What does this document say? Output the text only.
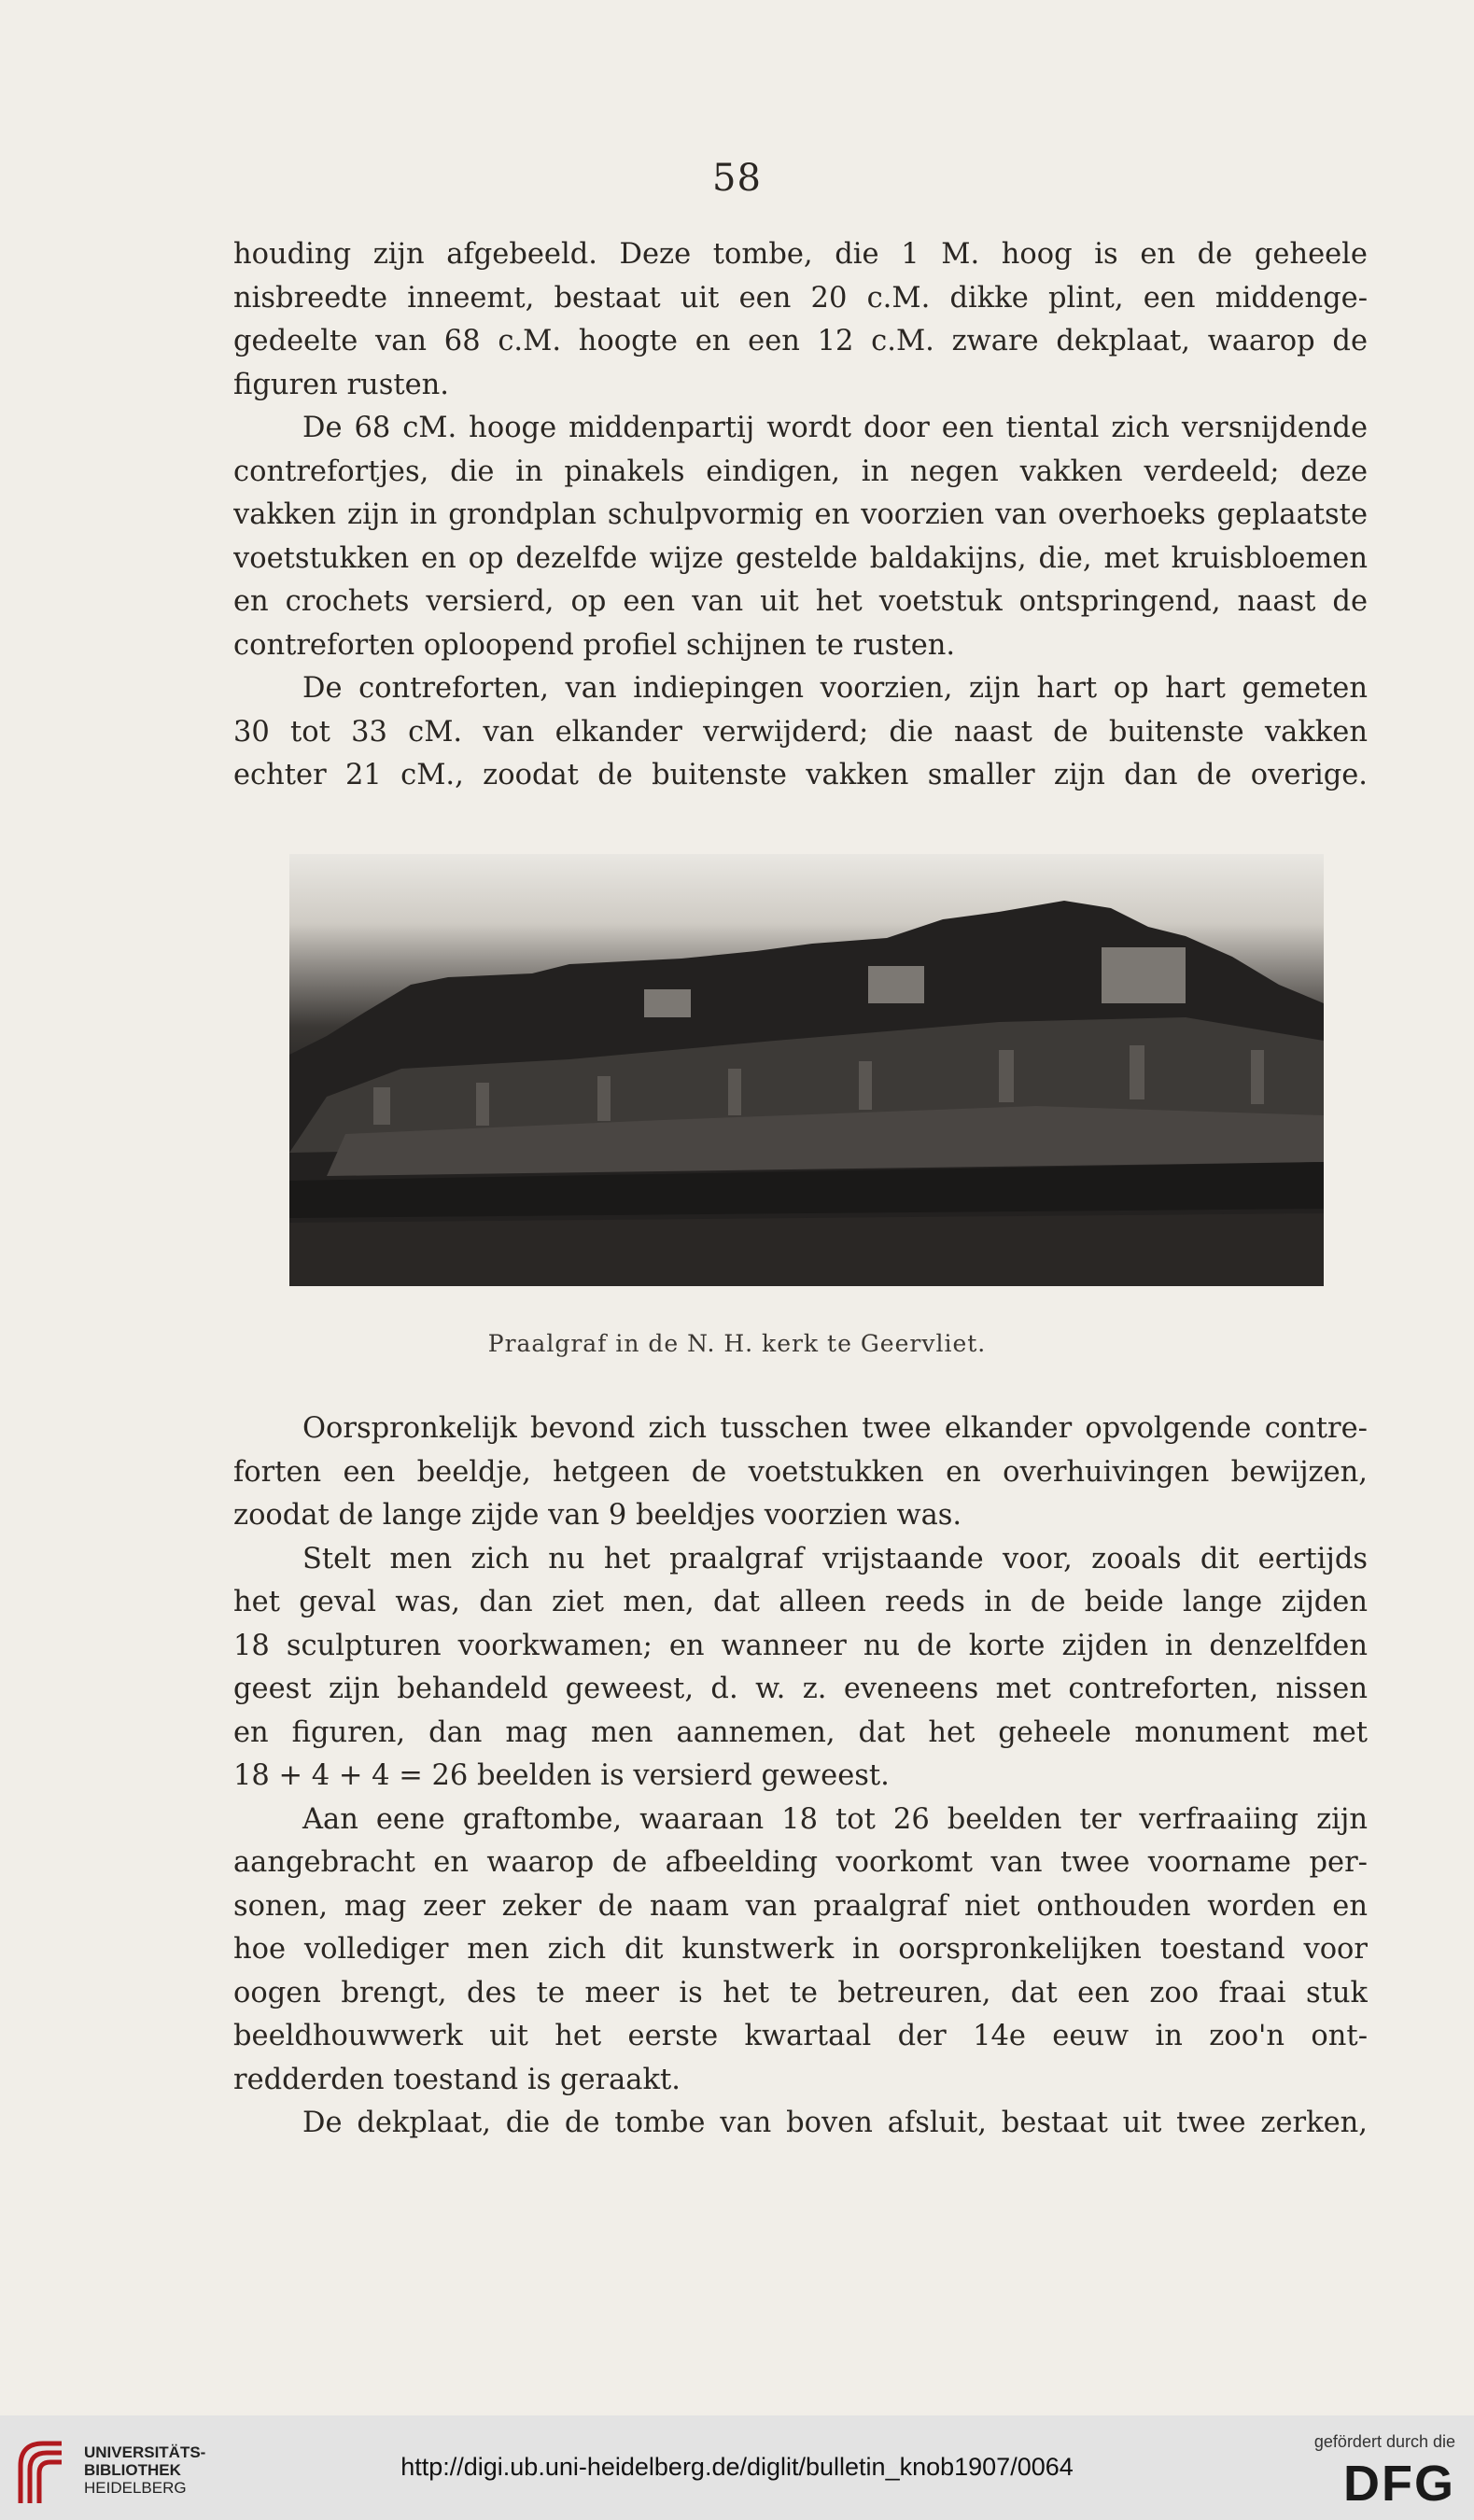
58
houding zijn afgebeeld. Deze tombe, die 1 M. hoog is en de geheele
nisbreedte inneemt, bestaat uit een 20 c.M. dikke plint, een middenge-
gedeelte van 68 c.M. hoogte en een 12 c.M. zware dekplaat, waarop de
figuren rusten.
De 68 cM. hooge middenpartij wordt door een tiental zich versnijdende
contrefortjes, die in pinakels eindigen, in negen vakken verdeeld; deze
vakken zijn in grondplan schulpvormig en voorzien van overhoeks geplaatste
voetstukken en op dezelfde wijze gestelde baldakijns, die, met kruisbloemen
en crochets versierd, op een van uit het voetstuk ontspringend, naast de
contreforten oploopend profiel schijnen te rusten.
De contreforten, van indiepingen voorzien, zijn hart op hart gemeten
30 tot 33 cM. van elkander verwijderd; die naast de buitenste vakken
echter 21 cM., zoodat de buitenste vakken smaller zijn dan de overige.
Praalgraf in de N. H. kerk te Geervliet.
Oorspronkelijk bevond zich tusschen twee elkander opvolgende contre-
forten een beeldje, hetgeen de voetstukken en overhuivingen bewijzen,
zoodat de lange zijde van 9 beeldjes voorzien was.
Stelt men zich nu het praalgraf vrijstaande voor, zooals dit eertijds
het geval was, dan ziet men, dat alleen reeds in de beide lange zijden
18 sculpturen voorkwamen; en wanneer nu de korte zijden in denzelfden
geest zijn behandeld geweest, d. w. z. eveneens met contreforten, nissen
en figuren, dan mag men aannemen, dat het geheele monument met
18 + 4 + 4 = 26 beelden is versierd geweest.
Aan eene graftombe, waaraan 18 tot 26 beelden ter verfraaiing zijn
aangebracht en waarop de afbeelding voorkomt van twee voorname per-
sonen, mag zeer zeker de naam van praalgraf niet onthouden worden en
hoe vollediger men zich dit kunstwerk in oorspronkelijken toestand voor
oogen brengt, des te meer is het te betreuren, dat een zoo fraai stuk
beeldhouwwerk uit het eerste kwartaal der 14e eeuw in zoo'n ont-
redderden toestand is geraakt.
De dekplaat, die de tombe van boven afsluit, bestaat uit twee zerken,
UNIVERSITÄTS-
BIBLIOTHEK
HEIDELBERG
http://digi.ub.uni-heidelberg.de/diglit/bulletin_knob1907/0064
gefördert durch die
DFG
